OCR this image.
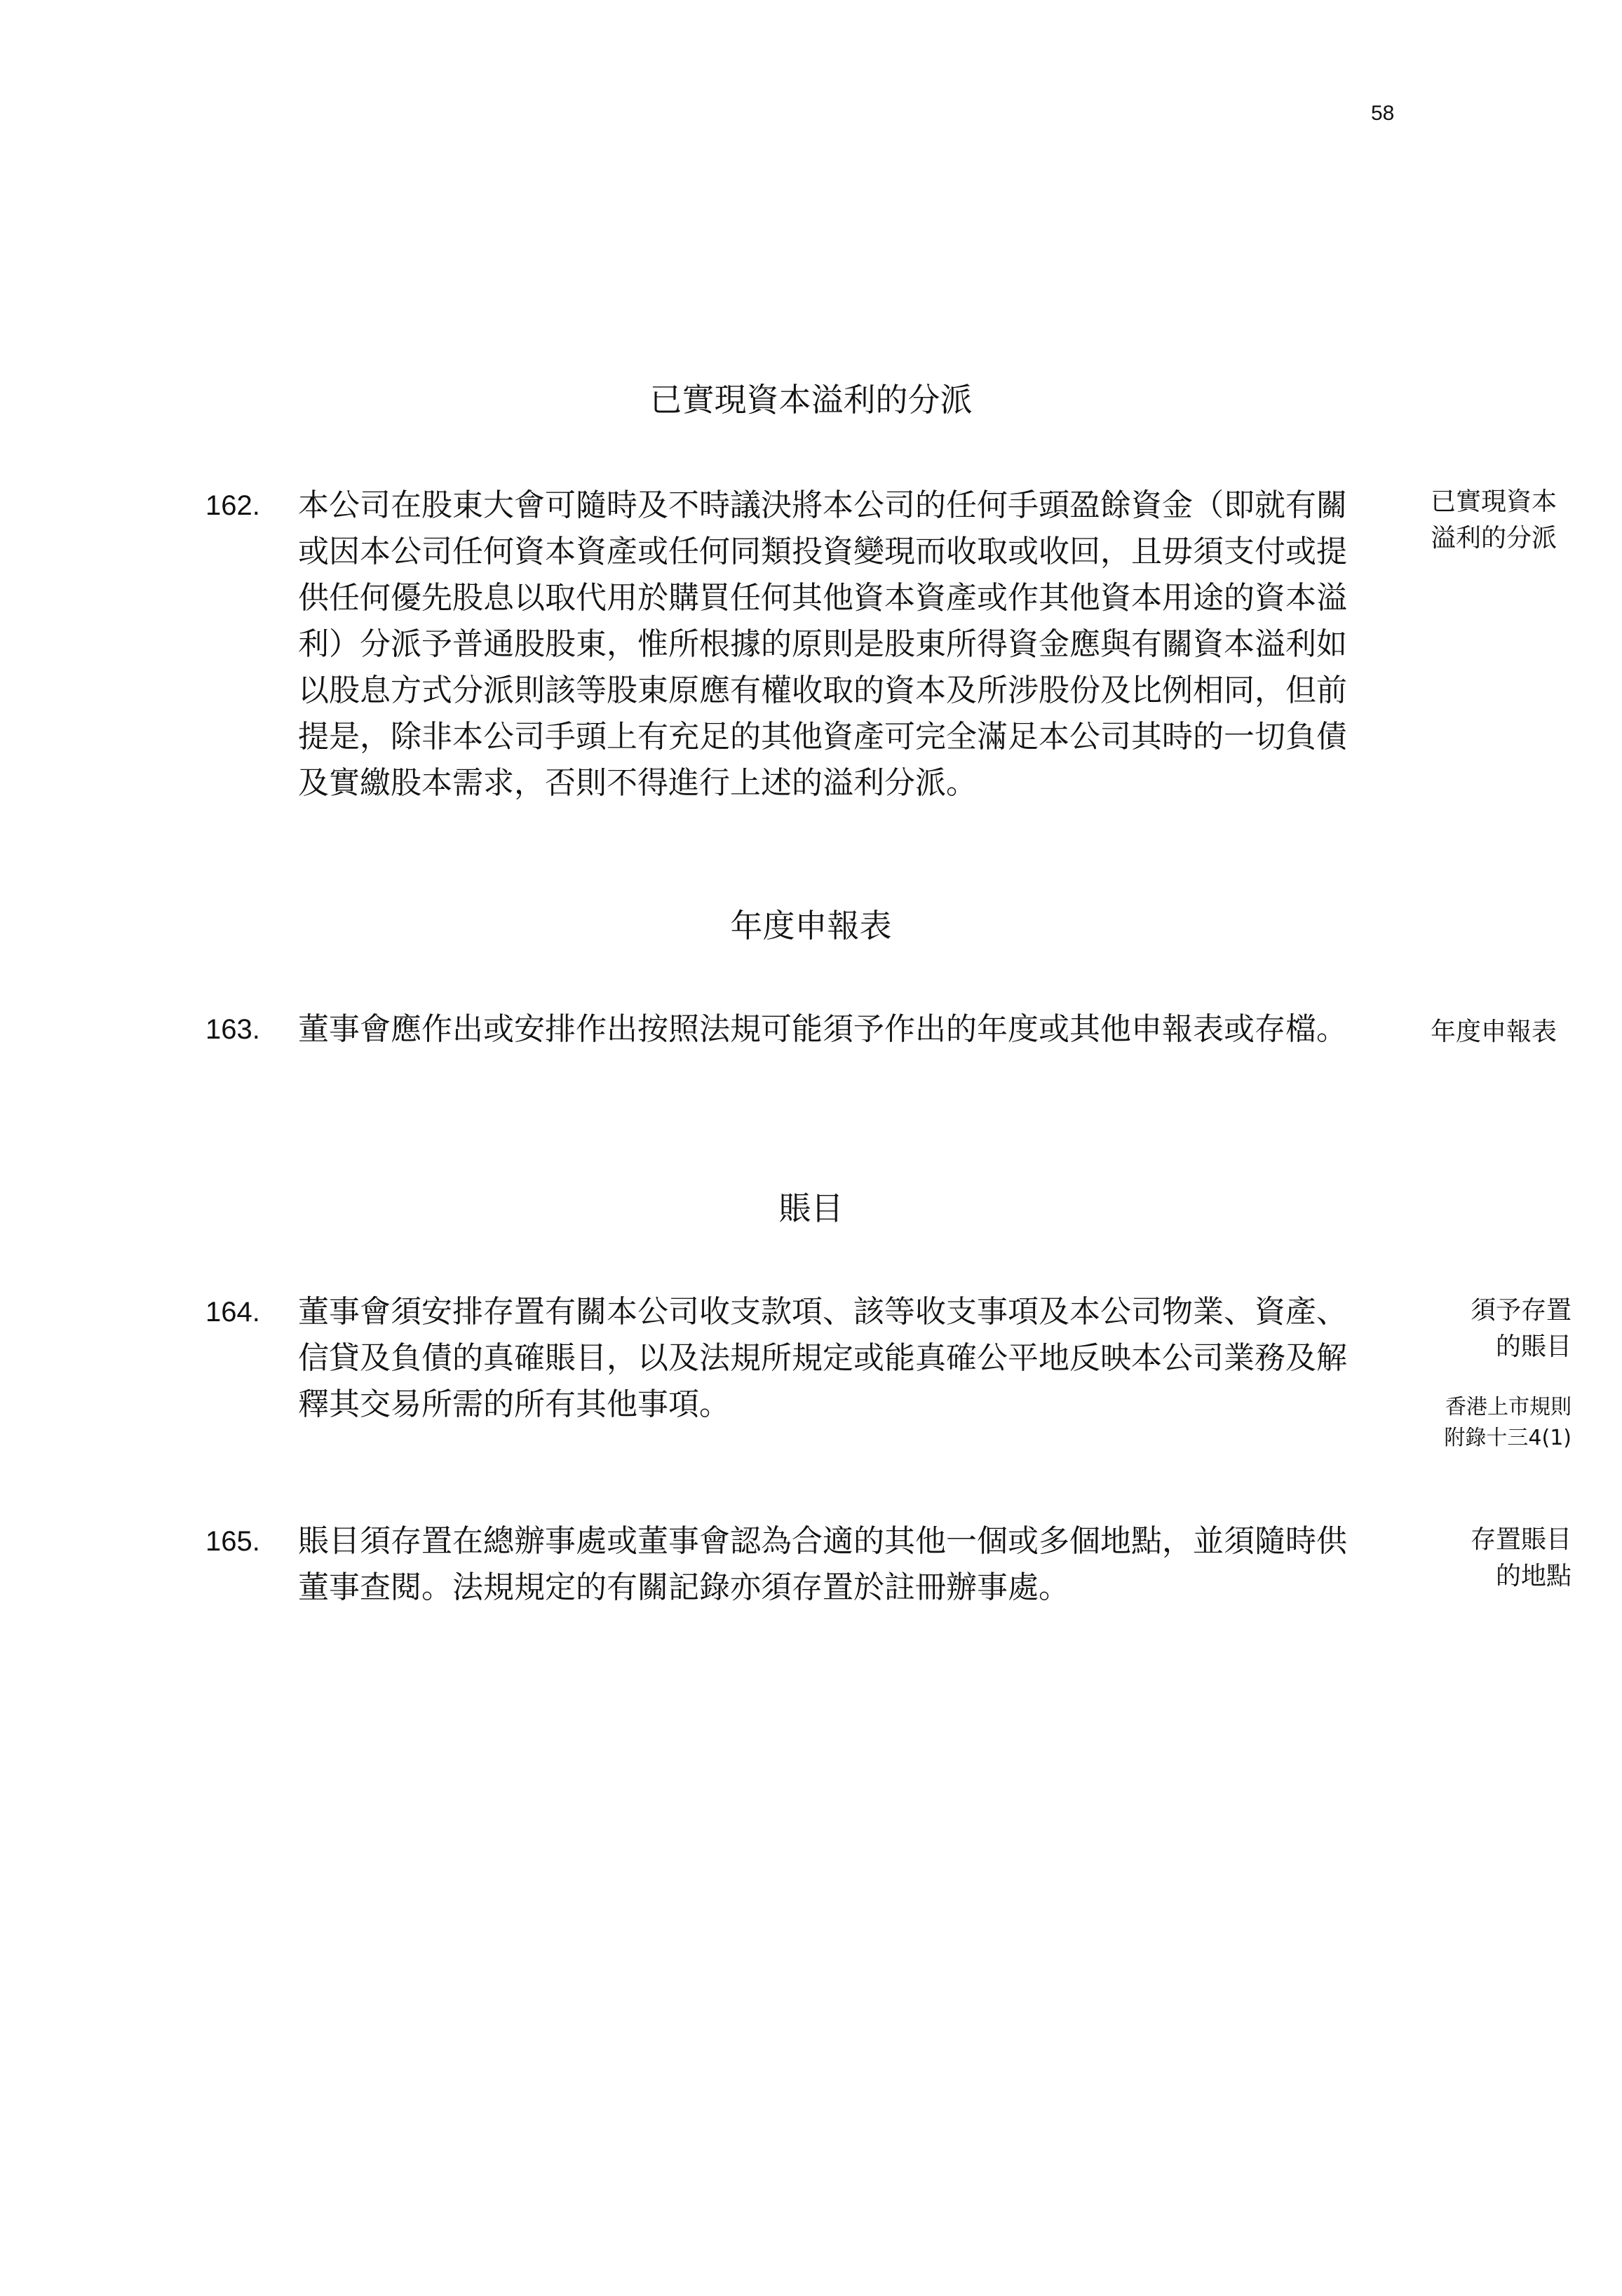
58
已實現資本溢利的分派
162. 本公司在股東大會可隨時及不時議決將本公司的任何手頭盈餘資金（即就有關
或因本公司任何資本資產或任何同類投資變現而收取或收回，且毋須支付或提
供任何優先股息以取代用於購買任何其他資本資產或作其他資本用途的資本溢
利）分派予普通股股東，惟所根據的原則是股東所得資金應與有關資本溢利如
以股息方式分派則該等股東原應有權收取的資本及所涉股份及比例相同，但前
提是，除非本公司手頭上有充足的其他資產可完全滿足本公司其時的一切負債
及實繳股本需求，否則不得進行上述的溢利分派。
已實現資本
溢利的分派
年度申報表
163. 董事會應作出或安排作出按照法規可能須予作出的年度或其他申報表或存檔。	年度申報表
賬目
164. 董事會須安排存置有關本公司收支款項、該等收支事項及本公司物業、資產、
信貸及負債的真確賬目，以及法規所規定或能真確公平地反映本公司業務及解
釋其交易所需的所有其他事項。
須予存置
的賬目
香港上市規則
附錄十三4(1)
165. 賬目須存置在總辦事處或董事會認為合適的其他一個或多個地點，並須隨時供
董事查閱。法規規定的有關記錄亦須存置於註冊辦事處。
存置賬目
的地點
